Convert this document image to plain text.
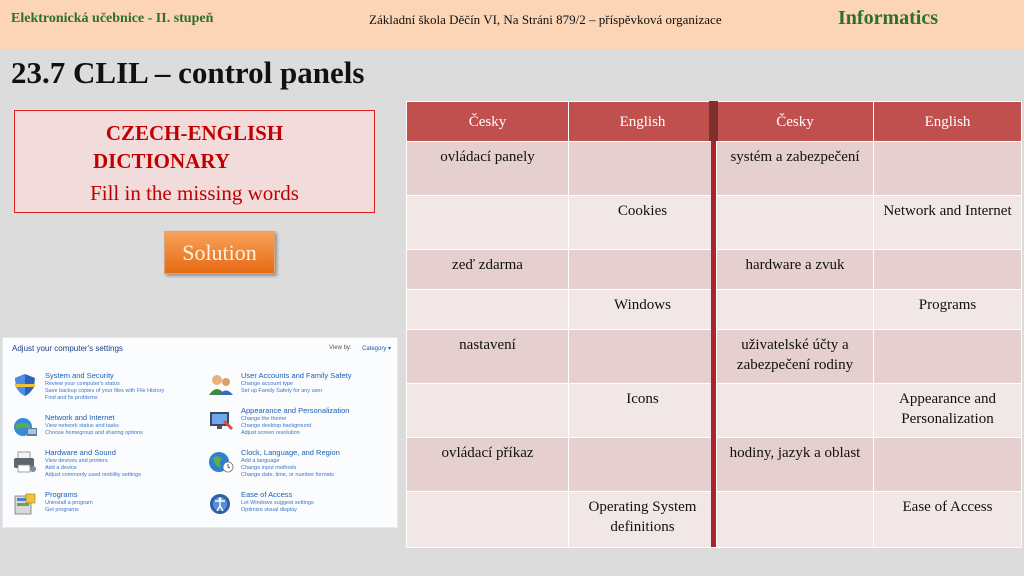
Elektronická učebnice - II. stupeň	Základní škola Děčín VI, Na Stráni 879/2 – příspěvková organizace	Informatics
23.7 CLIL – control panels
CZECH-ENGLISH
DICTIONARY
Fill in the missing words
Solution
Adjust your computer's settings	View by: Category ▾
System and Security
Review your computer's status
Save backup copies of your files with File History
Find and fix problems
Network and Internet
View network status and tasks
Choose homegroup and sharing options
Hardware and Sound
View devices and printers
Add a device
Adjust commonly used mobility settings
Programs
Uninstall a program
Get programs
User Accounts and Family Safety
Change account type
Set up Family Safety for any user
Appearance and Personalization
Change the theme
Change desktop background
Adjust screen resolution
Clock, Language, and Region
Add a language
Change input methods
Change date, time, or number formats
Ease of Access
Let Windows suggest settings
Optimize visual display
Česky	English	Česky	English
ovládací panely		systém a zabezpečení	
	Cookies		Network and Internet
zeď zdarma		hardware a zvuk	
	Windows		Programs
nastavení		uživatelské účty a zabezpečení rodiny	
	Icons		Appearance and Personalization
ovládací příkaz		hodiny, jazyk a oblast	
	Operating System definitions		Ease of Access
